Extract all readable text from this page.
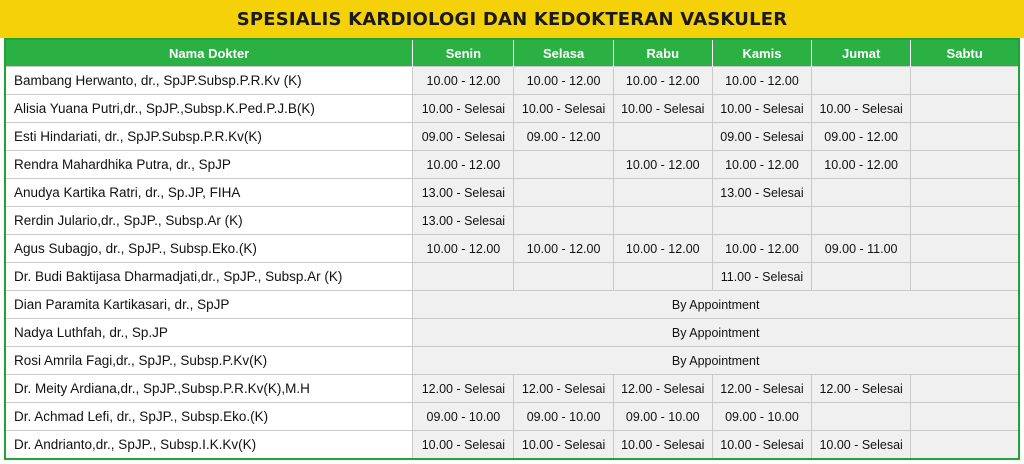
SPESIALIS KARDIOLOGI DAN KEDOKTERAN VASKULER
Nama Dokter	Senin	Selasa	Rabu	Kamis	Jumat	Sabtu
Bambang Herwanto, dr., SpJP.Subsp.P.R.Kv (K)	10.00 - 12.00	10.00 - 12.00	10.00 - 12.00	10.00 - 12.00		
Alisia Yuana Putri,dr., SpJP.,Subsp.K.Ped.P.J.B(K)	10.00 - Selesai	10.00 - Selesai	10.00 - Selesai	10.00 - Selesai	10.00 - Selesai	
Esti Hindariati, dr., SpJP.Subsp.P.R.Kv(K)	09.00 - Selesai	09.00 - 12.00		09.00 - Selesai	09.00 - 12.00	
Rendra Mahardhika Putra, dr., SpJP	10.00 - 12.00		10.00 - 12.00	10.00 - 12.00	10.00 - 12.00	
Anudya Kartika Ratri, dr., Sp.JP, FIHA	13.00 - Selesai			13.00 - Selesai		
Rerdin Julario,dr., SpJP., Subsp.Ar (K)	13.00 - Selesai					
Agus Subagjo, dr., SpJP., Subsp.Eko.(K)	10.00 - 12.00	10.00 - 12.00	10.00 - 12.00	10.00 - 12.00	09.00 - 11.00	
Dr. Budi Baktijasa Dharmadjati,dr., SpJP., Subsp.Ar (K)				11.00 - Selesai		
Dian Paramita Kartikasari, dr., SpJP	By Appointment					
Nadya Luthfah, dr., Sp.JP	By Appointment					
Rosi Amrila Fagi,dr., SpJP., Subsp.P.Kv(K)	By Appointment					
Dr. Meity Ardiana,dr., SpJP.,Subsp.P.R.Kv(K),M.H	12.00 - Selesai	12.00 - Selesai	12.00 - Selesai	12.00 - Selesai	12.00 - Selesai	
Dr. Achmad Lefi, dr., SpJP., Subsp.Eko.(K)	09.00 - 10.00	09.00 - 10.00	09.00 - 10.00	09.00 - 10.00		
Dr. Andrianto,dr., SpJP., Subsp.I.K.Kv(K)	10.00 - Selesai	10.00 - Selesai	10.00 - Selesai	10.00 - Selesai	10.00 - Selesai	
